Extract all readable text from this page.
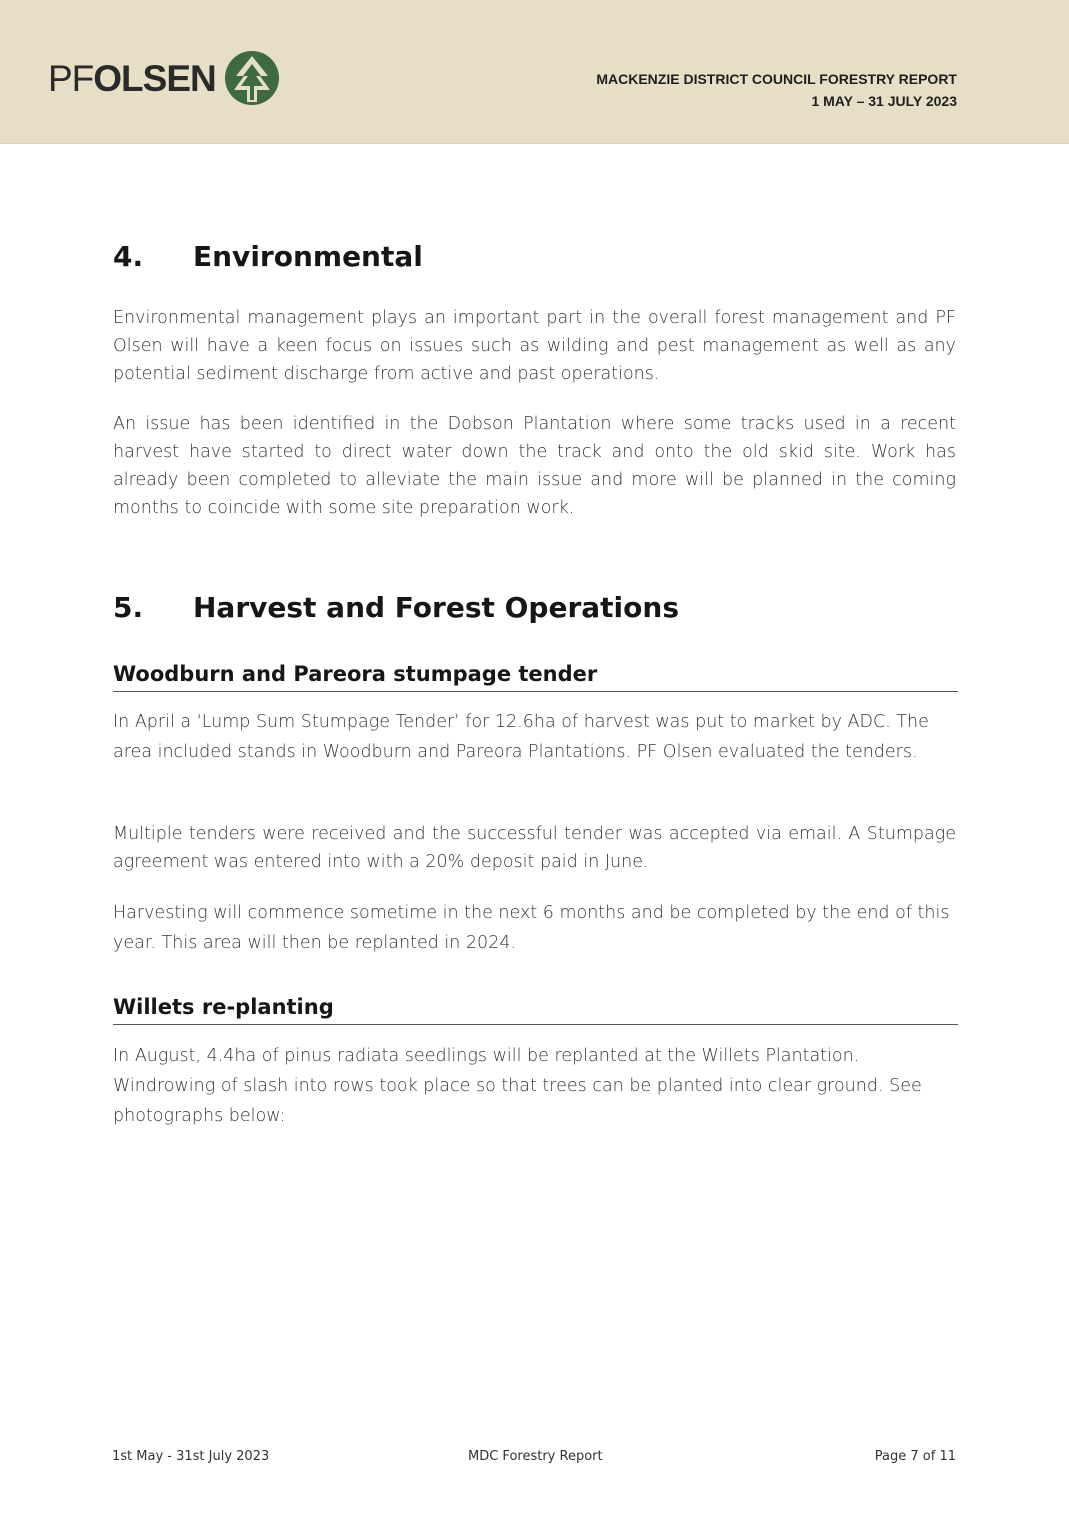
PFOLSEN	MACKENZIE DISTRICT COUNCIL FORESTRY REPORT
1 MAY – 31 JULY 2023
4.	Environmental

Environmental management plays an important part in the overall forest management and PF Olsen will have a keen focus on issues such as wilding and pest management as well as any potential sediment discharge from active and past operations.

An issue has been identified in the Dobson Plantation where some tracks used in a recent harvest have started to direct water down the track and onto the old skid site. Work has already been completed to alleviate the main issue and more will be planned in the coming months to coincide with some site preparation work.

5.	Harvest and Forest Operations
Woodburn and Pareora stumpage tender

In April a ‘Lump Sum Stumpage Tender’ for 12.6ha of harvest was put to market by ADC. The area included stands in Woodburn and Pareora Plantations. PF Olsen evaluated the tenders.

Multiple tenders were received and the successful tender was accepted via email. A Stumpage agreement was entered into with a 20% deposit paid in June.

Harvesting will commence sometime in the next 6 months and be completed by the end of this year. This area will then be replanted in 2024.

Willets re-planting

In August, 4.4ha of pinus radiata seedlings will be replanted at the Willets Plantation. Windrowing of slash into rows took place so that trees can be planted into clear ground. See photographs below:

1st May - 31st July 2023	MDC Forestry Report	Page 7 of 11
